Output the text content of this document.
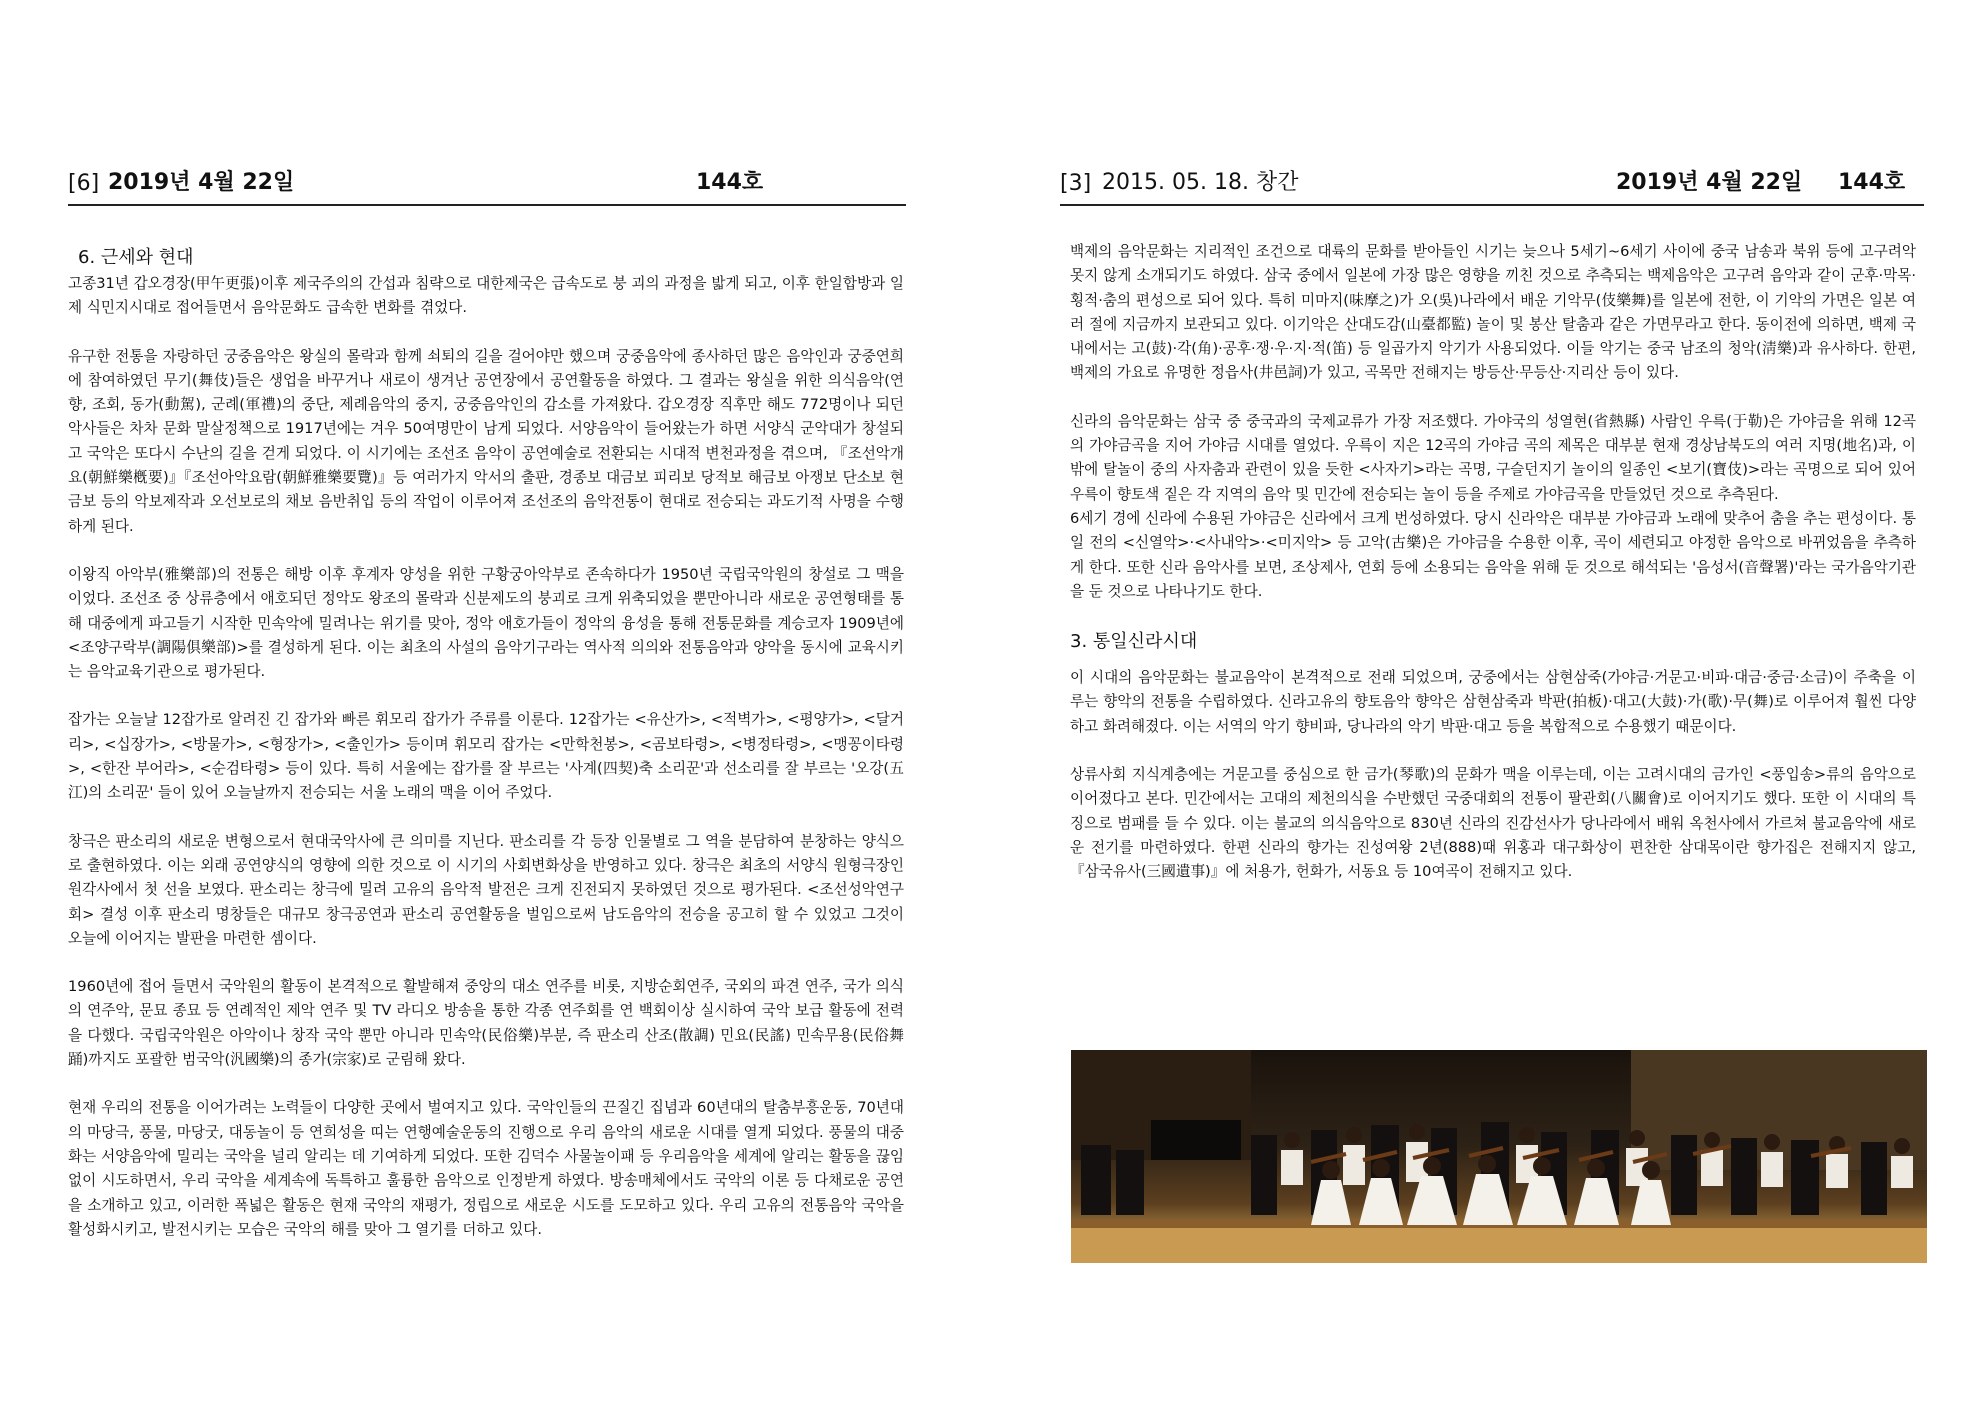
[6] 2019년 4월 22일	144호
6. 근세와 현대

고종31년 갑오경장(甲午更張)이후 제국주의의 간섭과 침략으로 대한제국은 급속도로 붕 괴의 과정을 밟게 되고, 이후 한일합방과 일제 식민지시대로 접어들면서 음악문화도 급속한 변화를 겪었다.

유구한 전통을 자랑하던 궁중음악은 왕실의 몰락과 함께 쇠퇴의 길을 걸어야만 했으며 궁중음악에 종사하던 많은 음악인과 궁중연희에 참여하였던 무기(舞伎)들은 생업을 바꾸거나 새로이 생겨난 공연장에서 공연활동을 하였다. 그 결과는 왕실을 위한 의식음악(연향, 조회, 동가(動駕), 군례(軍禮)의 중단, 제례음악의 중지, 궁중음악인의 감소를 가져왔다. 갑오경장 직후만 해도 772명이나 되던 악사들은 차차 문화 말살정책으로 1917년에는 겨우 50여명만이 남게 되었다. 서양음악이 들어왔는가 하면 서양식 군악대가 창설되고 국악은 또다시 수난의 길을 걷게 되었다. 이 시기에는 조선조 음악이 공연예술로 전환되는 시대적 변천과정을 겪으며, 『조선악개요(朝鮮樂槪要)』『조선아악요람(朝鮮雅樂要覽)』등 여러가지 악서의 출판, 경종보 대금보 피리보 당적보 해금보 아쟁보 단소보 현금보 등의 악보제작과 오선보로의 채보 음반취입 등의 작업이 이루어져 조선조의 음악전통이 현대로 전승되는 과도기적 사명을 수행하게 된다.

이왕직 아악부(雅樂部)의 전통은 해방 이후 후계자 양성을 위한 구황궁아악부로 존속하다가 1950년 국립국악원의 창설로 그 맥을 이었다. 조선조 중 상류층에서 애호되던 정악도 왕조의 몰락과 신분제도의 붕괴로 크게 위축되었을 뿐만아니라 새로운 공연형태를 통해 대중에게 파고들기 시작한 민속악에 밀려나는 위기를 맞아, 정악 애호가들이 정악의 융성을 통해 전통문화를 계승코자 1909년에 <조양구락부(調陽俱樂部)>를 결성하게 된다. 이는 최초의 사설의 음악기구라는 역사적 의의와 전통음악과 양악을 동시에 교육시키는 음악교육기관으로 평가된다.

잡가는 오늘날 12잡가로 알려진 긴 잡가와 빠른 휘모리 잡가가 주류를 이룬다. 12잡가는 <유산가>, <적벽가>, <평양가>, <달거리>, <십장가>, <방물가>, <형장가>, <출인가> 등이며 휘모리 잡가는 <만학천봉>, <곰보타령>, <병정타령>, <맹꽁이타령>, <한잔 부어라>, <순검타령> 등이 있다. 특히 서울에는 잡가를 잘 부르는 '사계(四契)축 소리꾼'과 선소리를 잘 부르는 '오강(五江)의 소리꾼' 들이 있어 오늘날까지 전승되는 서울 노래의 맥을 이어 주었다.

창극은 판소리의 새로운 변형으로서 현대국악사에 큰 의미를 지닌다. 판소리를 각 등장 인물별로 그 역을 분담하여 분창하는 양식으로 출현하였다. 이는 외래 공연양식의 영향에 의한 것으로 이 시기의 사회변화상을 반영하고 있다. 창극은 최초의 서양식 원형극장인 원각사에서 첫 선을 보였다. 판소리는 창극에 밀려 고유의 음악적 발전은 크게 진전되지 못하였던 것으로 평가된다. <조선성악연구회> 결성 이후 판소리 명창들은 대규모 창극공연과 판소리 공연활동을 벌임으로써 남도음악의 전승을 공고히 할 수 있었고 그것이 오늘에 이어지는 발판을 마련한 셈이다.

1960년에 접어 들면서 국악원의 활동이 본격적으로 활발해져 중앙의 대소 연주를 비롯, 지방순회연주, 국외의 파견 연주, 국가 의식의 연주악, 문묘 종묘 등 연례적인 제악 연주 및 TV 라디오 방송을 통한 각종 연주회를 연 백회이상 실시하여 국악 보급 활동에 전력을 다했다. 국립국악원은 아악이나 창작 국악 뿐만 아니라 민속악(民俗樂)부분, 즉 판소리 산조(散調) 민요(民謠) 민속무용(民俗舞踊)까지도 포괄한 범국악(汎國樂)의 종가(宗家)로 군림해 왔다.

현재 우리의 전통을 이어가려는 노력들이 다양한 곳에서 벌여지고 있다. 국악인들의 끈질긴 집념과 60년대의 탈춤부흥운동, 70년대의 마당극, 풍물, 마당굿, 대동놀이 등 연희성을 띠는 연행예술운동의 진행으로 우리 음악의 새로운 시대를 열게 되었다. 풍물의 대중화는 서양음악에 밀리는 국악을 널리 알리는 데 기여하게 되었다. 또한 김덕수 사물놀이패 등 우리음악을 세계에 알리는 활동을 끊임없이 시도하면서, 우리 국악을 세계속에 독특하고 훌륭한 음악으로 인정받게 하였다. 방송매체에서도 국악의 이론 등 다채로운 공연을 소개하고 있고, 이러한 폭넓은 활동은 현재 국악의 재평가, 정립으로 새로운 시도를 도모하고 있다. 우리 고유의 전통음악 국악을 활성화시키고, 발전시키는 모습은 국악의 해를 맞아 그 열기를 더하고 있다.

[3] 2015. 05. 18. 창간	2019년 4월 22일 144호

백제의 음악문화는 지리적인 조건으로 대륙의 문화를 받아들인 시기는 늦으나 5세기~6세기 사이에 중국 남송과 북위 등에 고구려악 못지 않게 소개되기도 하였다. 삼국 중에서 일본에 가장 많은 영향을 끼친 것으로 추측되는 백제음악은 고구려 음악과 같이 군후·막목·횡적·춤의 편성으로 되어 있다. 특히 미마지(味摩之)가 오(吳)나라에서 배운 기악무(伎樂舞)를 일본에 전한, 이 기악의 가면은 일본 여러 절에 지금까지 보관되고 있다. 이기악은 산대도감(山臺都監) 놀이 및 봉산 탈춤과 같은 가면무라고 한다. 동이전에 의하면, 백제 국내에서는 고(鼓)·각(角)·공후·쟁·우·지·적(笛) 등 일곱가지 악기가 사용되었다. 이들 악기는 중국 남조의 청악(淸樂)과 유사하다. 한편, 백제의 가요로 유명한 정읍사(井邑詞)가 있고, 곡목만 전해지는 방등산·무등산·지리산 등이 있다.

신라의 음악문화는 삼국 중 중국과의 국제교류가 가장 저조했다. 가야국의 성열현(省熱縣) 사람인 우륵(于勒)은 가야금을 위해 12곡의 가야금곡을 지어 가야금 시대를 열었다. 우륵이 지은 12곡의 가야금 곡의 제목은 대부분 현재 경상남북도의 여러 지명(地名)과, 이밖에 탈놀이 중의 사자춤과 관련이 있을 듯한 <사자기>라는 곡명, 구슬던지기 놀이의 일종인 <보기(寶伎)>라는 곡명으로 되어 있어 우륵이 향토색 짙은 각 지역의 음악 및 민간에 전승되는 놀이 등을 주제로 가야금곡을 만들었던 것으로 추측된다.
6세기 경에 신라에 수용된 가야금은 신라에서 크게 번성하였다. 당시 신라악은 대부분 가야금과 노래에 맞추어 춤을 추는 편성이다. 통일 전의 <신열악>·<사내악>·<미지악> 등 고악(古樂)은 가야금을 수용한 이후, 곡이 세련되고 야정한 음악으로 바뀌었음을 추측하게 한다. 또한 신라 음악사를 보면, 조상제사, 연회 등에 소용되는 음악을 위해 둔 것으로 해석되는 '음성서(音聲署)'라는 국가음악기관을 둔 것으로 나타나기도 한다.

3. 통일신라시대

이 시대의 음악문화는 불교음악이 본격적으로 전래 되었으며, 궁중에서는 삼현삼죽(가야금·거문고·비파·대금·중금·소금)이 주축을 이루는 향악의 전통을 수립하였다. 신라고유의 향토음악 향악은 삼현삼죽과 박판(拍板)·대고(大鼓)·가(歌)·무(舞)로 이루어져 훨씬 다양하고 화려해졌다. 이는 서역의 악기 향비파, 당나라의 악기 박판·대고 등을 복합적으로 수용했기 때문이다.

상류사회 지식계층에는 거문고를 중심으로 한 금가(琴歌)의 문화가 맥을 이루는데, 이는 고려시대의 금가인 <풍입송>류의 음악으로 이어졌다고 본다. 민간에서는 고대의 제천의식을 수반했던 국중대회의 전통이 팔관회(八關會)로 이어지기도 했다. 또한 이 시대의 특징으로 범패를 들 수 있다. 이는 불교의 의식음악으로 830년 신라의 진감선사가 당나라에서 배워 옥천사에서 가르쳐 불교음악에 새로운 전기를 마련하였다. 한편 신라의 향가는 진성여왕 2년(888)때 위홍과 대구화상이 편찬한 삼대목이란 향가집은 전해지지 않고, 『삼국유사(三國遺事)』에 처용가, 헌화가, 서동요 등 10여곡이 전해지고 있다.
